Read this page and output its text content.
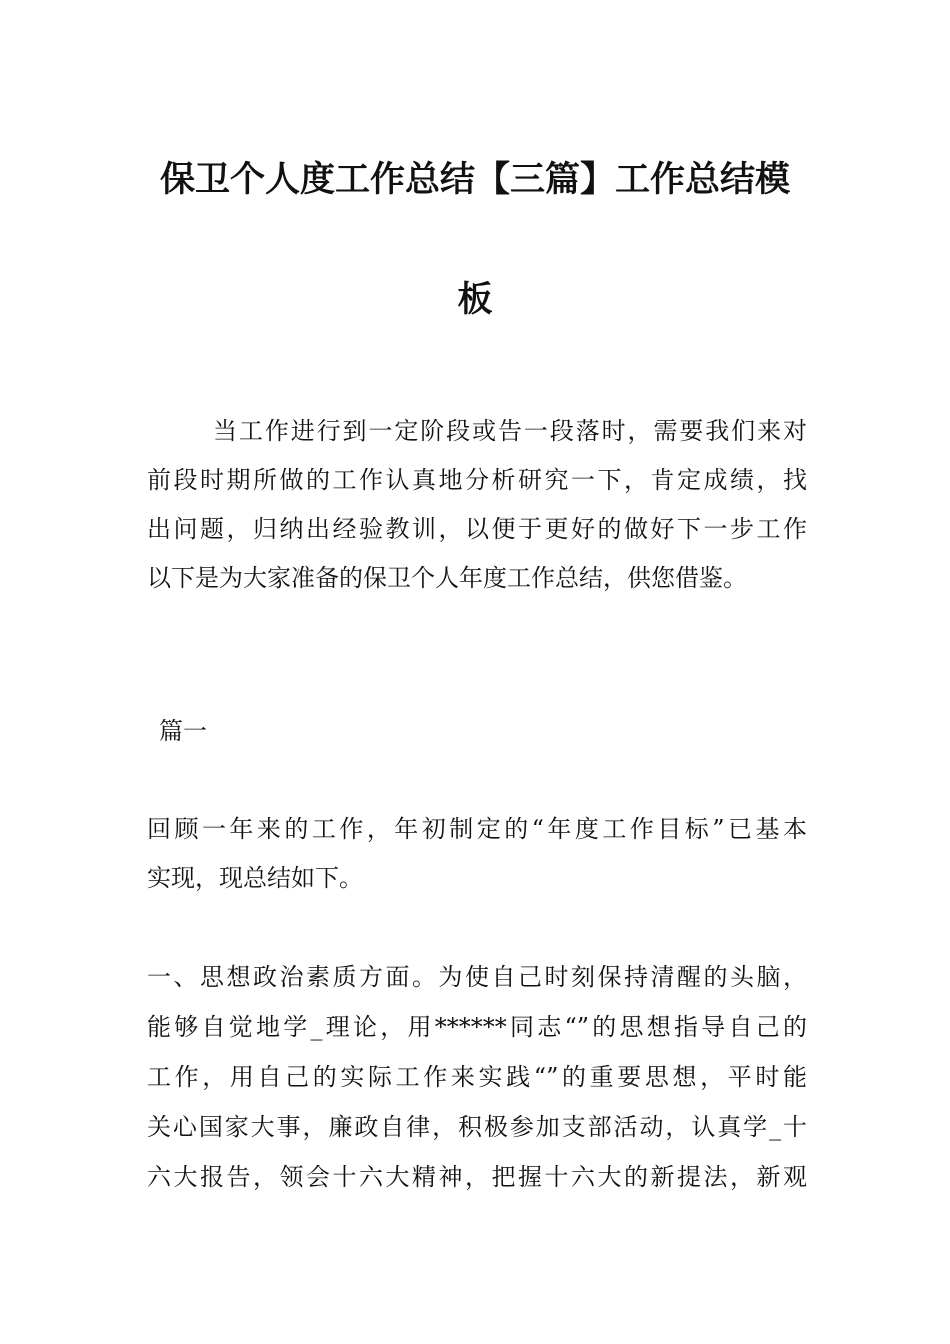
保卫个人度工作总结【三篇】工作总结模
板
当工作进行到一定阶段或告一段落时，需要我们来对
前段时期所做的工作认真地分析研究一下，肯定成绩，找
出问题，归纳出经验教训，以便于更好的做好下一步工作
以下是为大家准备的保卫个人年度工作总结，供您借鉴。
篇一
回顾一年来的工作，年初制定的“年度工作目标”已基本
实现，现总结如下。
一、思想政治素质方面。为使自己时刻保持清醒的头脑，
能够自觉地学_理论，用******同志“”的思想指导自己的
工作，用自己的实际工作来实践“”的重要思想，平时能
关心国家大事，廉政自律，积极参加支部活动，认真学_十
六大报告，领会十六大精神，把握十六大的新提法，新观
